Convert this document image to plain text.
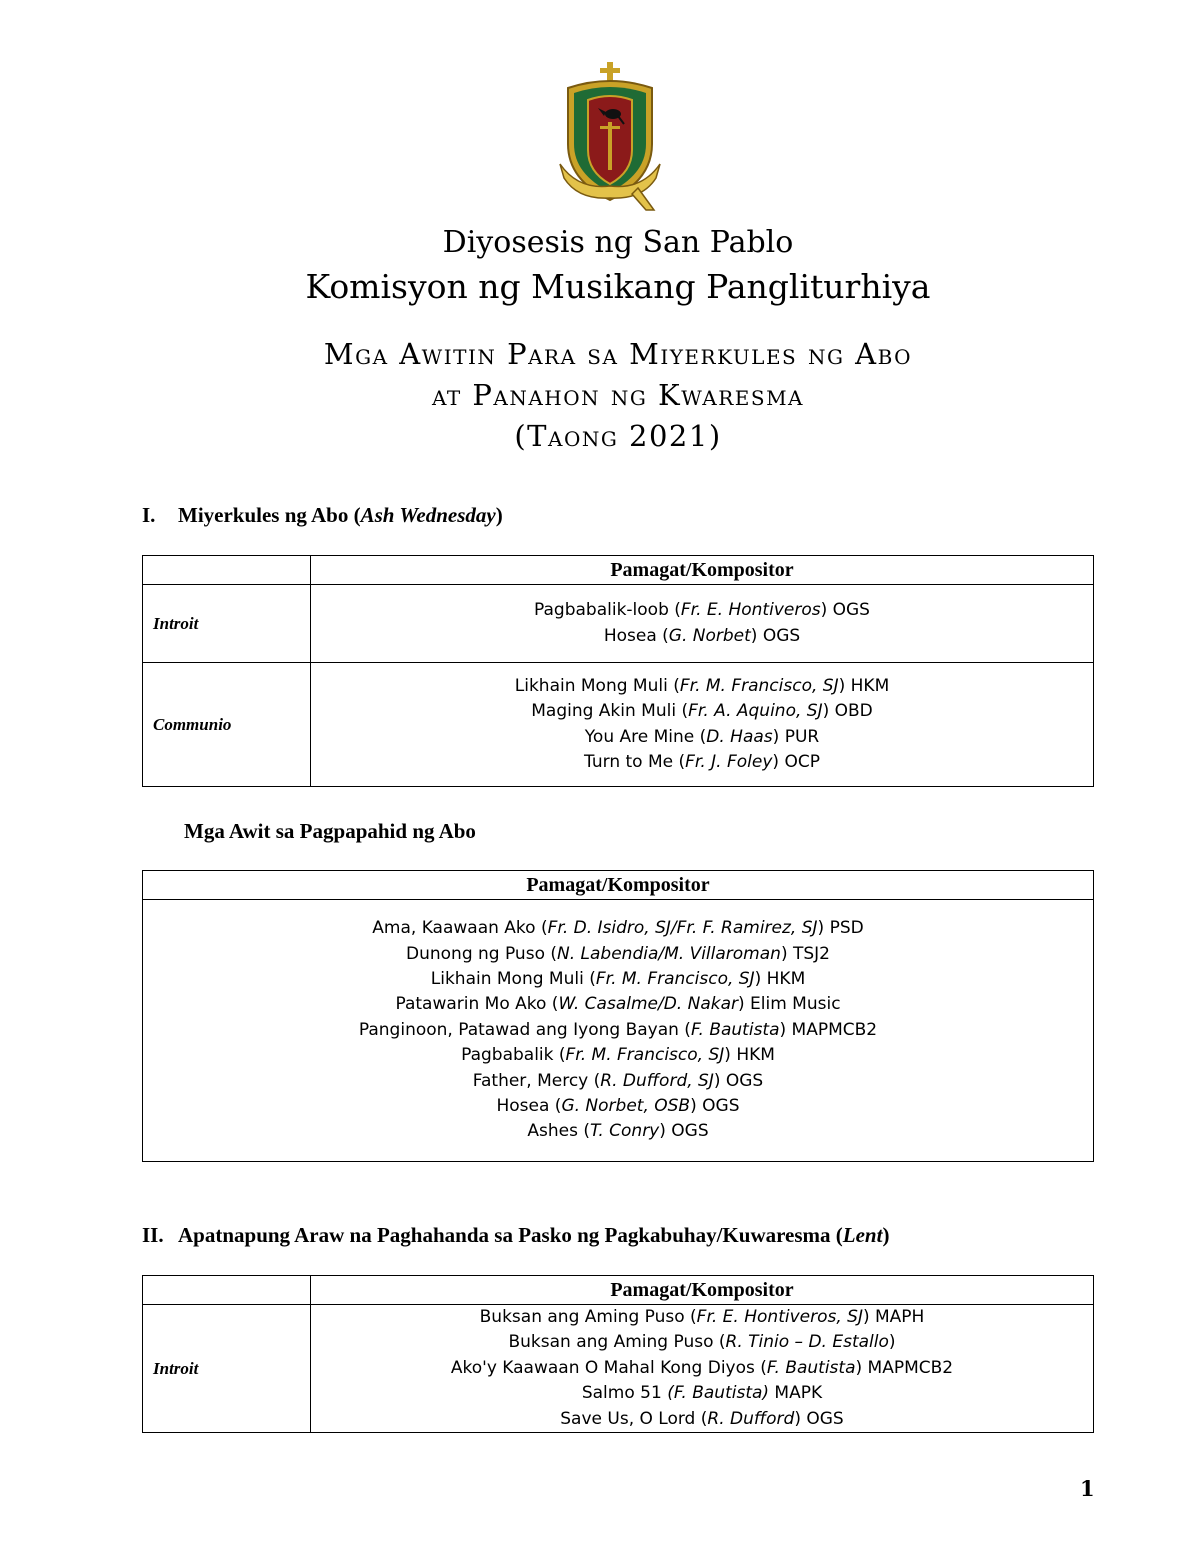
Diyosesis ng San Pablo
Komisyon ng Musikang Pangliturhiya
Mga Awitin Para sa Miyerkules ng Abo
at Panahon ng Kwaresma
(Taong 2021)
I. Miyerkules ng Abo (Ash Wednesday)
	Pamagat/Kompositor
Introit	Pagbabalik-loob (Fr. E. Hontiveros) OGS
Hosea (G. Norbet) OGS

Communio	Likhain Mong Muli (Fr. M. Francisco, SJ) HKM
Maging Akin Muli (Fr. A. Aquino, SJ) OBD
You Are Mine (D. Haas) PUR
Turn to Me (Fr. J. Foley) OCP
Mga Awit sa Pagpapahid ng Abo
Pamagat/Kompositor

Ama, Kaawaan Ako (Fr. D. Isidro, SJ/Fr. F. Ramirez, SJ) PSD
Dunong ng Puso (N. Labendia/M. Villaroman) TSJ2
Likhain Mong Muli (Fr. M. Francisco, SJ) HKM
Patawarin Mo Ako (W. Casalme/D. Nakar) Elim Music
Panginoon, Patawad ang Iyong Bayan (F. Bautista) MAPMCB2
Pagbabalik (Fr. M. Francisco, SJ) HKM
Father, Mercy (R. Dufford, SJ) OGS
Hosea (G. Norbet, OSB) OGS
Ashes (T. Conry) OGS
II. Apatnapung Araw na Paghahanda sa Pasko ng Pagkabuhay/Kuwaresma (Lent)
	Pamagat/Kompositor
Introit	Buksan ang Aming Puso (Fr. E. Hontiveros, SJ) MAPH
Buksan ang Aming Puso (R. Tinio – D. Estallo)
Ako'y Kaawaan O Mahal Kong Diyos (F. Bautista) MAPMCB2
Salmo 51 (F. Bautista) MAPK
Save Us, O Lord (R. Dufford) OGS
1
